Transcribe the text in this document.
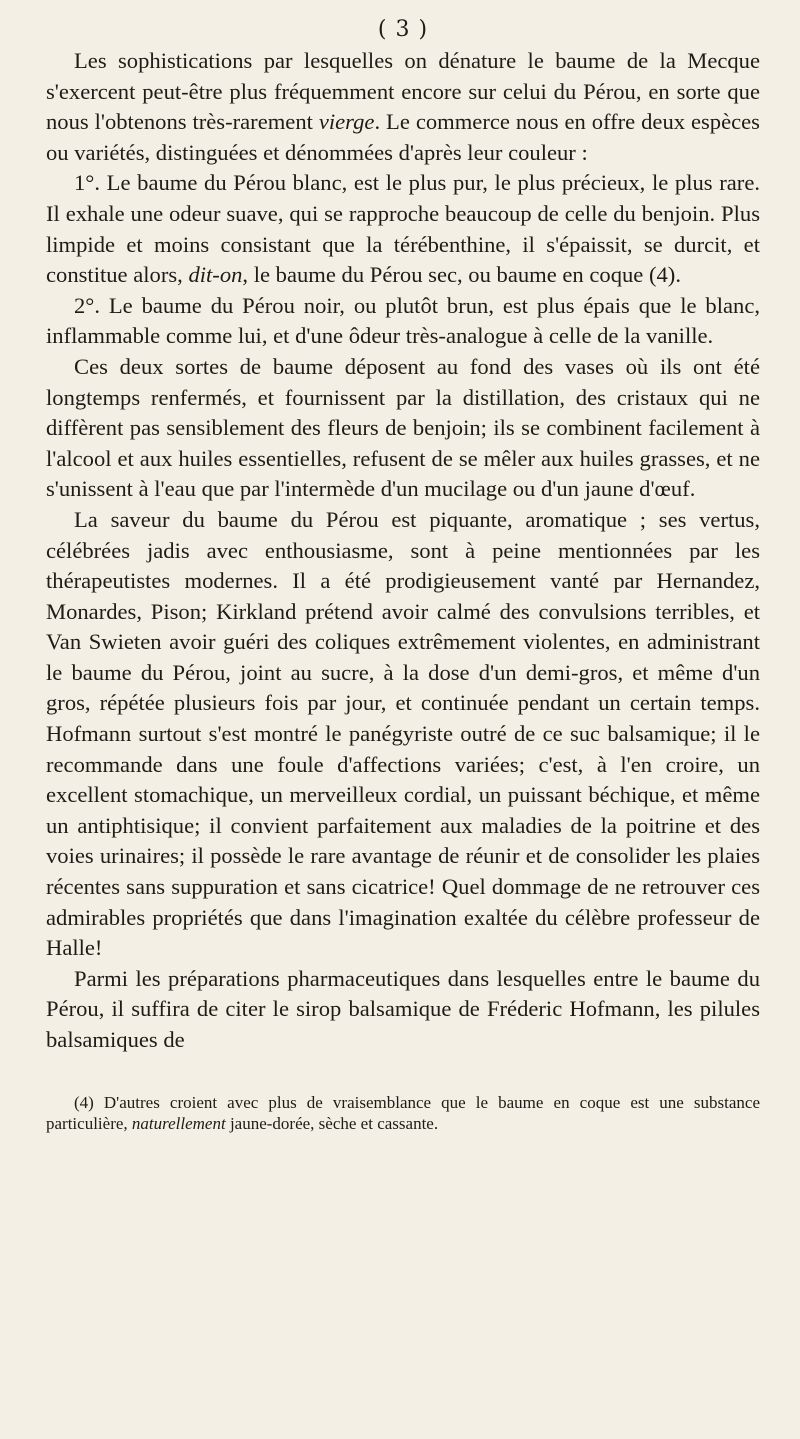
( 3 )

Les sophistications par lesquelles on dénature le baume de la Mecque s'exercent peut-être plus fréquemment encore sur celui du Pérou, en sorte que nous l'obtenons très-rarement vierge. Le commerce nous en offre deux espèces ou variétés, distinguées et dénommées d'après leur couleur :

1°. Le baume du Pérou blanc, est le plus pur, le plus précieux, le plus rare. Il exhale une odeur suave, qui se rapproche beaucoup de celle du benjoin. Plus limpide et moins consistant que la térébenthine, il s'épaissit, se durcit, et constitue alors, dit-on, le baume du Pérou sec, ou baume en coque (4).

2°. Le baume du Pérou noir, ou plutôt brun, est plus épais que le blanc, inflammable comme lui, et d'une ôdeur très-analogue à celle de la vanille.

Ces deux sortes de baume déposent au fond des vases où ils ont été longtemps renfermés, et fournissent par la distillation, des cristaux qui ne diffèrent pas sensiblement des fleurs de benjoin; ils se combinent facilement à l'alcool et aux huiles essentielles, refusent de se mêler aux huiles grasses, et ne s'unissent à l'eau que par l'intermède d'un mucilage ou d'un jaune d'œuf.

La saveur du baume du Pérou est piquante, aromatique ; ses vertus, célébrées jadis avec enthousiasme, sont à peine mentionnées par les thérapeutistes modernes. Il a été prodigieusement vanté par Hernandez, Monardes, Pison; Kirkland prétend avoir calmé des convulsions terribles, et Van Swieten avoir guéri des coliques extrêmement violentes, en administrant le baume du Pérou, joint au sucre, à la dose d'un demi-gros, et même d'un gros, répétée plusieurs fois par jour, et continuée pendant un certain temps. Hofmann surtout s'est montré le panégyriste outré de ce suc balsamique; il le recommande dans une foule d'affections variées; c'est, à l'en croire, un excellent stomachique, un merveilleux cordial, un puissant béchique, et même un antiphtisique; il convient parfaitement aux maladies de la poitrine et des voies urinaires; il possède le rare avantage de réunir et de consolider les plaies récentes sans suppuration et sans cicatrice! Quel dommage de ne retrouver ces admirables propriétés que dans l'imagination exaltée du célèbre professeur de Halle!

Parmi les préparations pharmaceutiques dans lesquelles entre le baume du Pérou, il suffira de citer le sirop balsamique de Fréderic Hofmann, les pilules balsamiques de

(4) D'autres croient avec plus de vraisemblance que le baume en coque est une substance particulière, naturellement jaune-dorée, sèche et cassante.
